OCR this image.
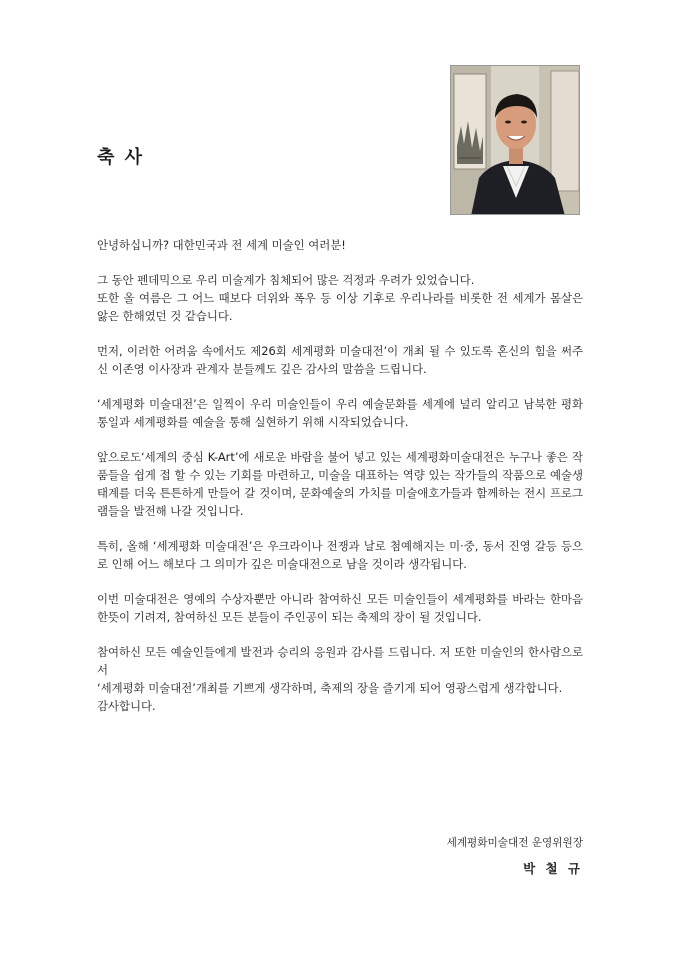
축 사

안녕하십니까? 대한민국과 전 세계 미술인 여러분!

그 동안 펜데믹으로 우리 미술계가 침체되어 많은 걱정과 우려가 있었습니다.
또한 올 여름은 그 어느 때보다 더위와 폭우 등 이상 기후로 우리나라를 비롯한 전 세계가 몸살은 앓은 한해였던 것 같습니다.

먼저, 이러한 어려움 속에서도 제26회 세계평화 미술대전’이 개최 될 수 있도록 혼신의 힘을 써주신 이존영 이사장과 관계자 분들께도 깊은 감사의 말씀을 드립니다.

‘세계평화 미술대전’은 일찍이 우리 미술인들이 우리 예술문화를 세계에 널리 알리고 남북한 평화통일과 세계평화를 예술을 통해 실현하기 위해 시작되었습니다.

앞으로도‘세계의 중심 K-Art’에 새로운 바람을 불어 넣고 있는 세계평화미술대전은 누구나 좋은 작품들을 쉽게 접 할 수 있는 기회를 마련하고, 미술을 대표하는 역량 있는 작가들의 작품으로 예술생태계를 더욱 튼튼하게 만들어 갈 것이며, 문화예술의 가치를 미술애호가들과 함께하는 전시 프로그램들을 발전해 나갈 것입니다.

특히, 올해 ‘세계평화 미술대전’은 우크라이나 전쟁과 날로 첨예해지는 미·중, 동서 진영 갈등 등으로 인해 어느 해보다 그 의미가 깊은 미술대전으로 남을 것이라 생각됩니다.

이번 미술대전은 영예의 수상자뿐만 아니라 참여하신 모든 미술인들이 세계평화를 바라는 한마음 한뜻이 기려져, 참여하신 모든 분들이 주인공이 되는 축제의 장이 될 것입니다.

참여하신 모든 예술인들에게 발전과 승리의 응원과 감사를 드립니다. 저 또한 미술인의 한사람으로서
‘세계평화 미술대전’개최를 기쁘게 생각하며, 축제의 장을 즐기게 되어 영광스럽게 생각합니다.
감사합니다.

세계평화미술대전 운영위원장
박 철 규
